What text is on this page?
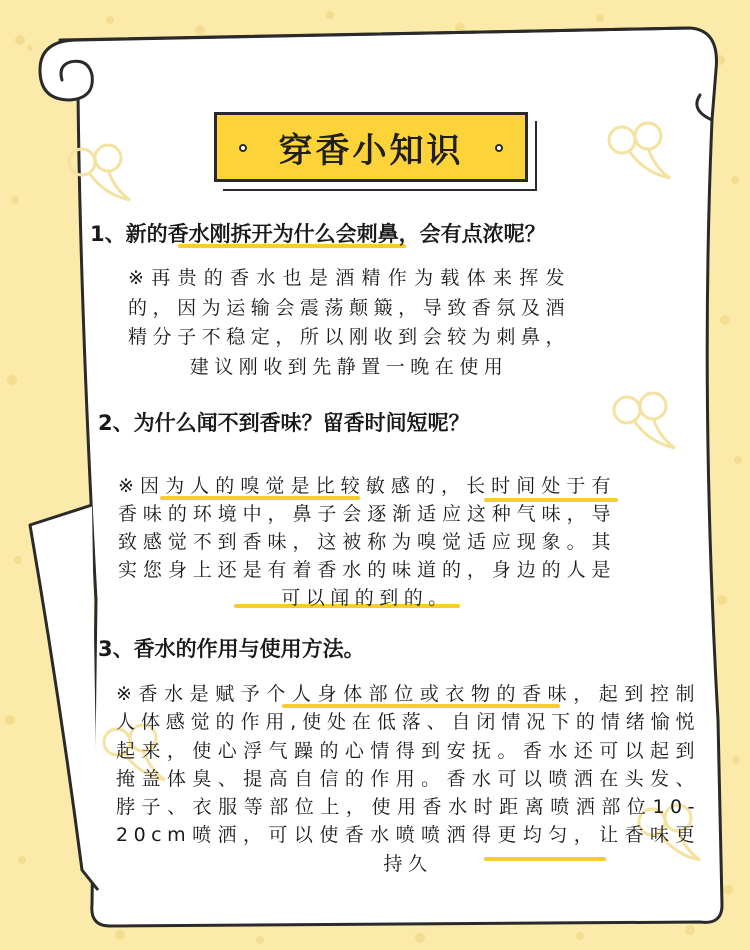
穿香小知识
1、新的香水刚拆开为什么会刺鼻，会有点浓呢？
※再贵的香水也是酒精作为载体来挥发的，因为运输会震荡颠簸，导致香氛及酒精分子不稳定，所以刚收到会较为刺鼻，建议刚收到先静置一晚在使用
2、为什么闻不到香味？留香时间短呢？
※因为人的嗅觉是比较敏感的，长时间处于有香味的环境中，鼻子会逐渐适应这种气味，导致感觉不到香味，这被称为嗅觉适应现象。其实您身上还是有着香水的味道的，身边的人是可以闻的到的。
3、香水的作用与使用方法。
※香水是赋予个人身体部位或衣物的香味，起到控制人体感觉的作用,使处在低落、自闭情况下的情绪愉悦起来，使心浮气躁的心情得到安抚。香水还可以起到掩盖体臭、提高自信的作用。香水可以喷洒在头发、脖子、衣服等部位上，使用香水时距离喷洒部位10-20cm喷洒，可以使香水喷喷洒得更均匀，让香味更持久
